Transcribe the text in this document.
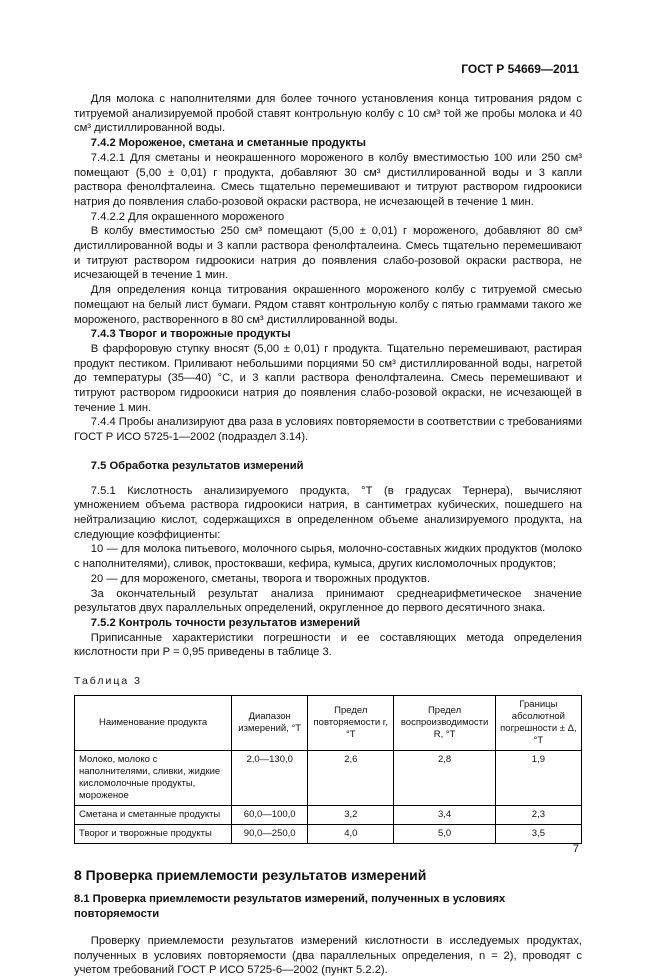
ГОСТ Р 54669—2011

Для молока с наполнителями для более точного установления конца титрования рядом с титруемой анализируемой пробой ставят контрольную колбу с 10 см³ той же пробы молока и 40 см³ дистиллированной воды.

7.4.2 Мороженое, сметана и сметанные продукты

7.4.2.1 Для сметаны и неокрашенного мороженого в колбу вместимостью 100 или 250 см³ помещают (5,00 ± 0,01) г продукта, добавляют 30 см³ дистиллированной воды и 3 капли раствора фенолфталеина. Смесь тщательно перемешивают и титруют раствором гидроокиси натрия до появления слабо-розовой окраски раствора, не исчезающей в течение 1 мин.

7.4.2.2 Для окрашенного мороженого

В колбу вместимостью 250 см³ помещают (5,00 ± 0,01) г мороженого, добавляют 80 см³ дистиллированной воды и 3 капли раствора фенолфталеина. Смесь тщательно перемешивают и титруют раствором гидроокиси натрия до появления слабо-розовой окраски раствора, не исчезающей в течение 1 мин.

Для определения конца титрования окрашенного мороженого колбу с титруемой смесью помещают на белый лист бумаги. Рядом ставят контрольную колбу с пятью граммами такого же мороженого, растворенного в 80 см³ дистиллированной воды.

7.4.3 Творог и творожные продукты

В фарфоровую ступку вносят (5,00 ± 0,01) г продукта. Тщательно перемешивают, растирая продукт пестиком. Приливают небольшими порциями 50 см³ дистиллированной воды, нагретой до температуры (35—40) °С, и 3 капли раствора фенолфталеина. Смесь перемешивают и титруют раствором гидроокиси натрия до появления слабо-розовой окраски, не исчезающей в течение 1 мин.

7.4.4 Пробы анализируют два раза в условиях повторяемости в соответствии с требованиями ГОСТ Р ИСО 5725-1—2002 (подраздел 3.14).

7.5 Обработка результатов измерений

7.5.1 Кислотность анализируемого продукта, °Т (в градусах Тернера), вычисляют умножением объема раствора гидроокиси натрия, в сантиметрах кубических, пошедшего на нейтрализацию кислот, содержащихся в определенном объеме анализируемого продукта, на следующие коэффициенты:

10 — для молока питьевого, молочного сырья, молочно-составных жидких продуктов (молоко с наполнителями), сливок, простокваши, кефира, кумыса, других кисломолочных продуктов;

20 — для мороженого, сметаны, творога и творожных продуктов.

За окончательный результат анализа принимают среднеарифметическое значение результатов двух параллельных определений, округленное до первого десятичного знака.

7.5.2 Контроль точности результатов измерений

Приписанные характеристики погрешности и ее составляющих метода определения кислотности при P = 0,95 приведены в таблице 3.

Таблица 3

Наименование продукта	Диапазон измерений, °Т	Предел повторяемости r, °Т	Предел воспроизводимости R, °Т	Границы абсолютной погрешности ± Δ, °Т
Молоко, молоко с наполнителями, сливки, жидкие кисломолочные продукты, мороженое	2,0—130,0	2,6	2,8	1,9
Сметана и сметанные продукты	60,0—100,0	3,2	3,4	2,3
Творог и творожные продукты	90,0—250,0	4,0	5,0	3,5

8 Проверка приемлемости результатов измерений

8.1 Проверка приемлемости результатов измерений, полученных в условиях повторяемости

Проверку приемлемости результатов измерений кислотности в исследуемых продуктах, полученных в условиях повторяемости (два параллельных определения, n = 2), проводят с учетом требований ГОСТ Р ИСО 5725-6—2002 (пункт 5.2.2).

7
